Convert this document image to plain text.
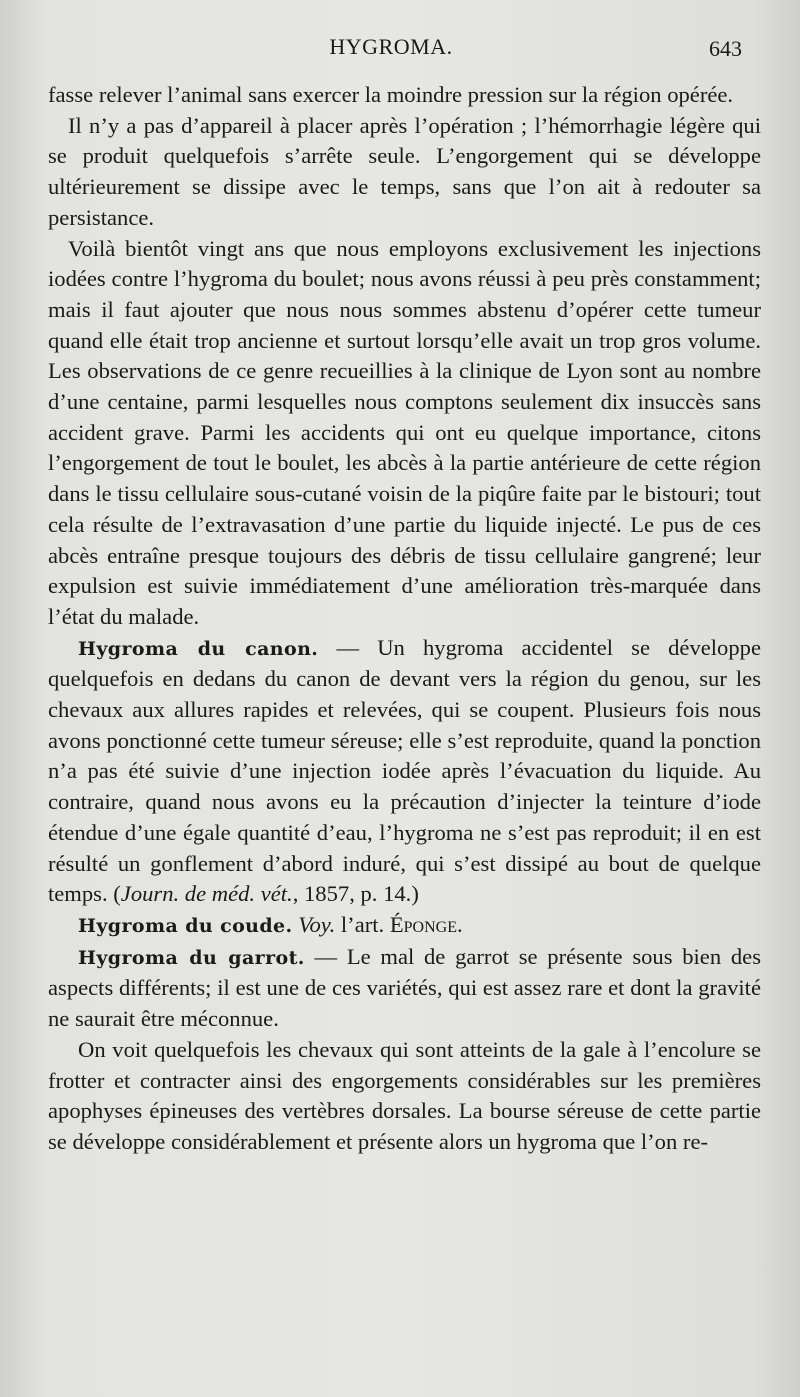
HYGROMA.	643

fasse relever l’animal sans exercer la moindre pression sur la région opérée.

Il n’y a pas d’appareil à placer après l’opération ; l’hémorrhagie légère qui se produit quelquefois s’arrête seule. L’engorgement qui se développe ultérieurement se dissipe avec le temps, sans que l’on ait à redouter sa persistance.

Voilà bientôt vingt ans que nous employons exclusivement les injections iodées contre l’hygroma du boulet; nous avons réussi à peu près constamment; mais il faut ajouter que nous nous sommes abstenu d’opérer cette tumeur quand elle était trop ancienne et surtout lorsqu’elle avait un trop gros volume. Les observations de ce genre recueillies à la clinique de Lyon sont au nombre d’une centaine, parmi lesquelles nous comptons seulement dix insuccès sans accident grave. Parmi les accidents qui ont eu quelque importance, citons l’engorgement de tout le boulet, les abcès à la partie antérieure de cette région dans le tissu cellulaire sous-cutané voisin de la piqûre faite par le bistouri; tout cela résulte de l’extravasation d’une partie du liquide injecté. Le pus de ces abcès entraîne presque toujours des débris de tissu cellulaire gangrené; leur expulsion est suivie immédiatement d’une amélioration très-marquée dans l’état du malade.

Hygroma du canon. — Un hygroma accidentel se développe quelquefois en dedans du canon de devant vers la région du genou, sur les chevaux aux allures rapides et relevées, qui se coupent. Plusieurs fois nous avons ponctionné cette tumeur séreuse; elle s’est reproduite, quand la ponction n’a pas été suivie d’une injection iodée après l’évacuation du liquide. Au contraire, quand nous avons eu la précaution d’injecter la teinture d’iode étendue d’une égale quantité d’eau, l’hygroma ne s’est pas reproduit; il en est résulté un gonflement d’abord induré, qui s’est dissipé au bout de quelque temps. (Journ. de méd. vét., 1857, p. 14.)

Hygroma du coude. Voy. l’art. Éponge.

Hygroma du garrot. — Le mal de garrot se présente sous bien des aspects différents; il est une de ces variétés, qui est assez rare et dont la gravité ne saurait être méconnue.

On voit quelquefois les chevaux qui sont atteints de la gale à l’encolure se frotter et contracter ainsi des engorgements considérables sur les premières apophyses épineuses des vertèbres dorsales. La bourse séreuse de cette partie se développe considérablement et présente alors un hygroma que l’on re-
